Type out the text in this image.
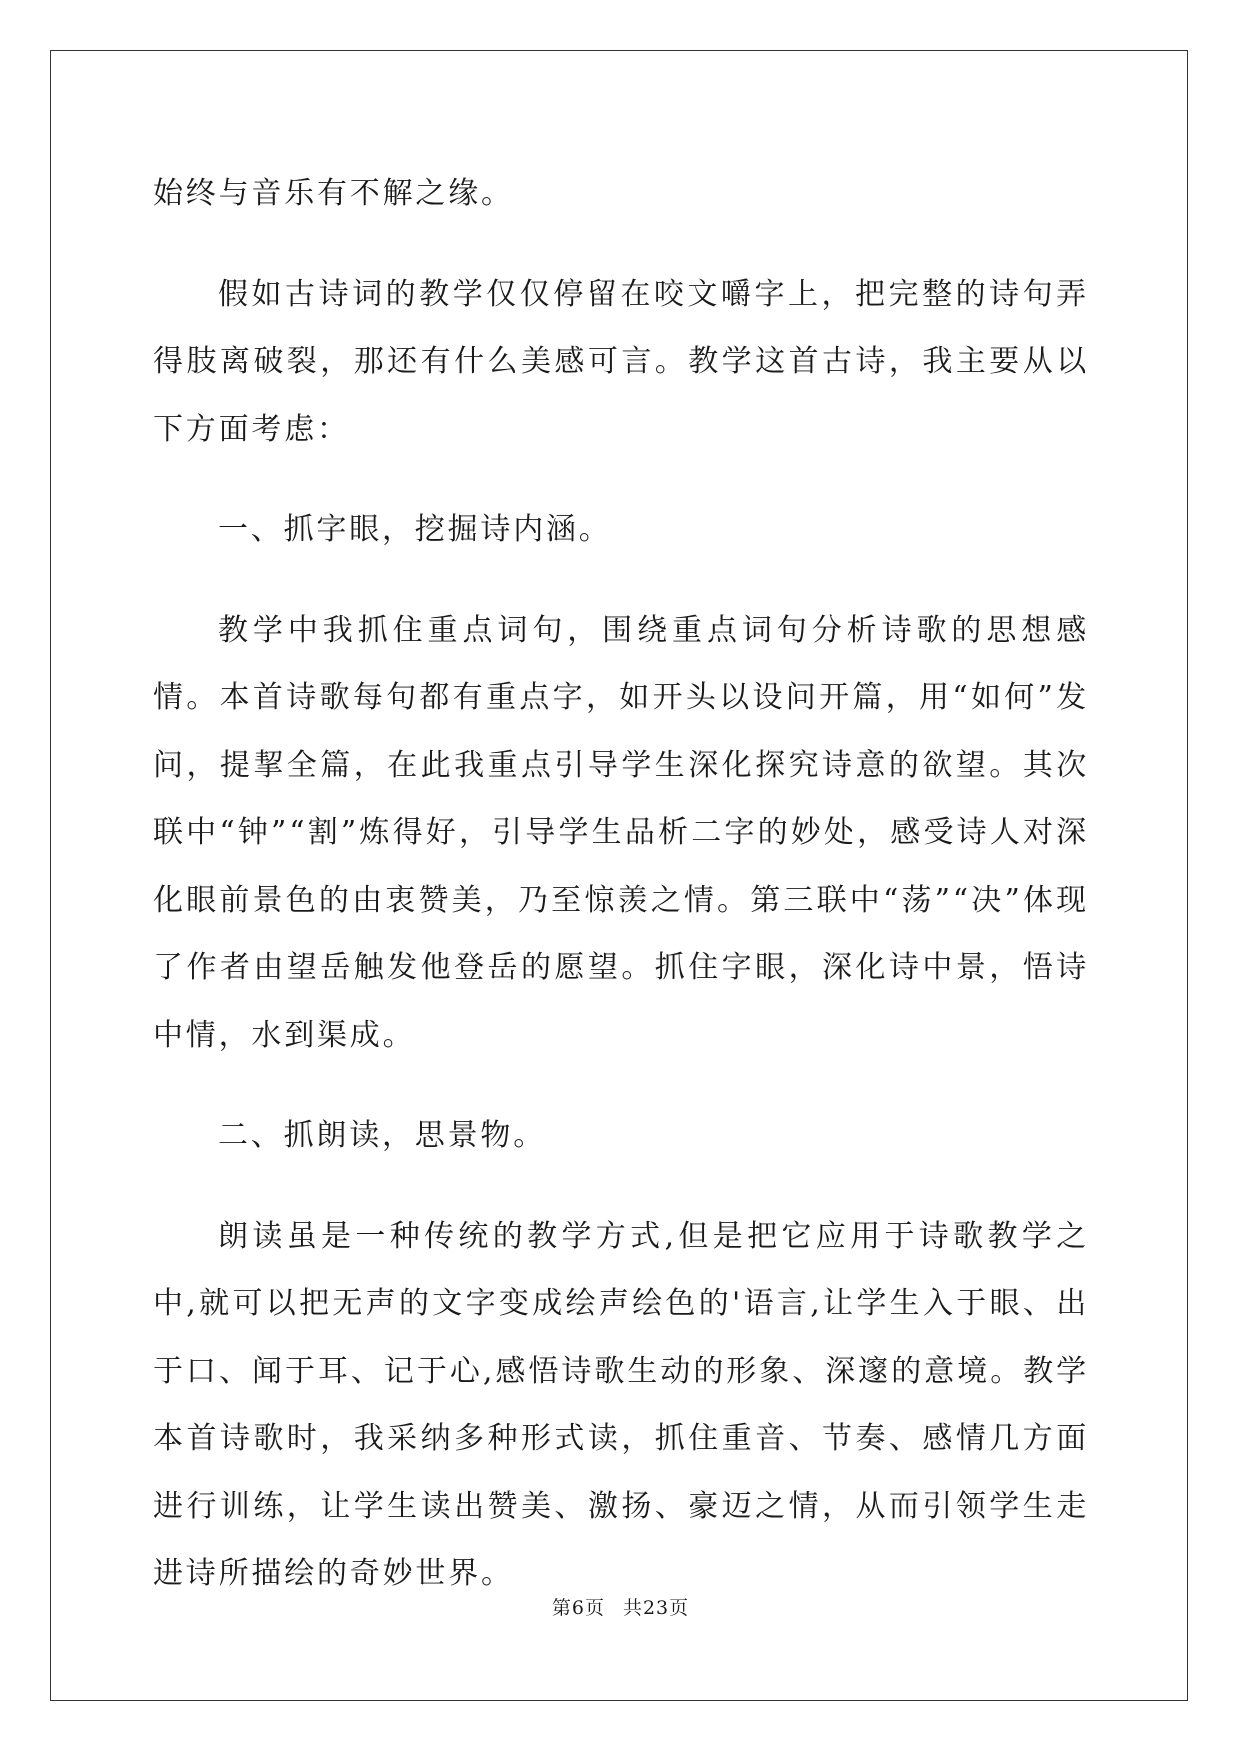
始终与音乐有不解之缘。

假如古诗词的教学仅仅停留在咬文嚼字上，把完整的诗句弄得肢离破裂，那还有什么美感可言。教学这首古诗，我主要从以下方面考虑：

一、抓字眼，挖掘诗内涵。

教学中我抓住重点词句，围绕重点词句分析诗歌的思想感情。本首诗歌每句都有重点字，如开头以设问开篇，用“如何”发问，提挈全篇，在此我重点引导学生深化探究诗意的欲望。其次联中“钟”“割”炼得好，引导学生品析二字的妙处，感受诗人对深化眼前景色的由衷赞美，乃至惊羡之情。第三联中“荡”“决”体现了作者由望岳触发他登岳的愿望。抓住字眼，深化诗中景，悟诗中情，水到渠成。

二、抓朗读，思景物。

朗读虽是一种传统的教学方式,但是把它应用于诗歌教学之中,就可以把无声的文字变成绘声绘色的'语言,让学生入于眼、出于口、闻于耳、记于心,感悟诗歌生动的形象、深邃的意境。教学本首诗歌时，我采纳多种形式读，抓住重音、节奏、感情几方面进行训练，让学生读出赞美、激扬、豪迈之情，从而引领学生走进诗所描绘的奇妙世界。

第6页 共23页
